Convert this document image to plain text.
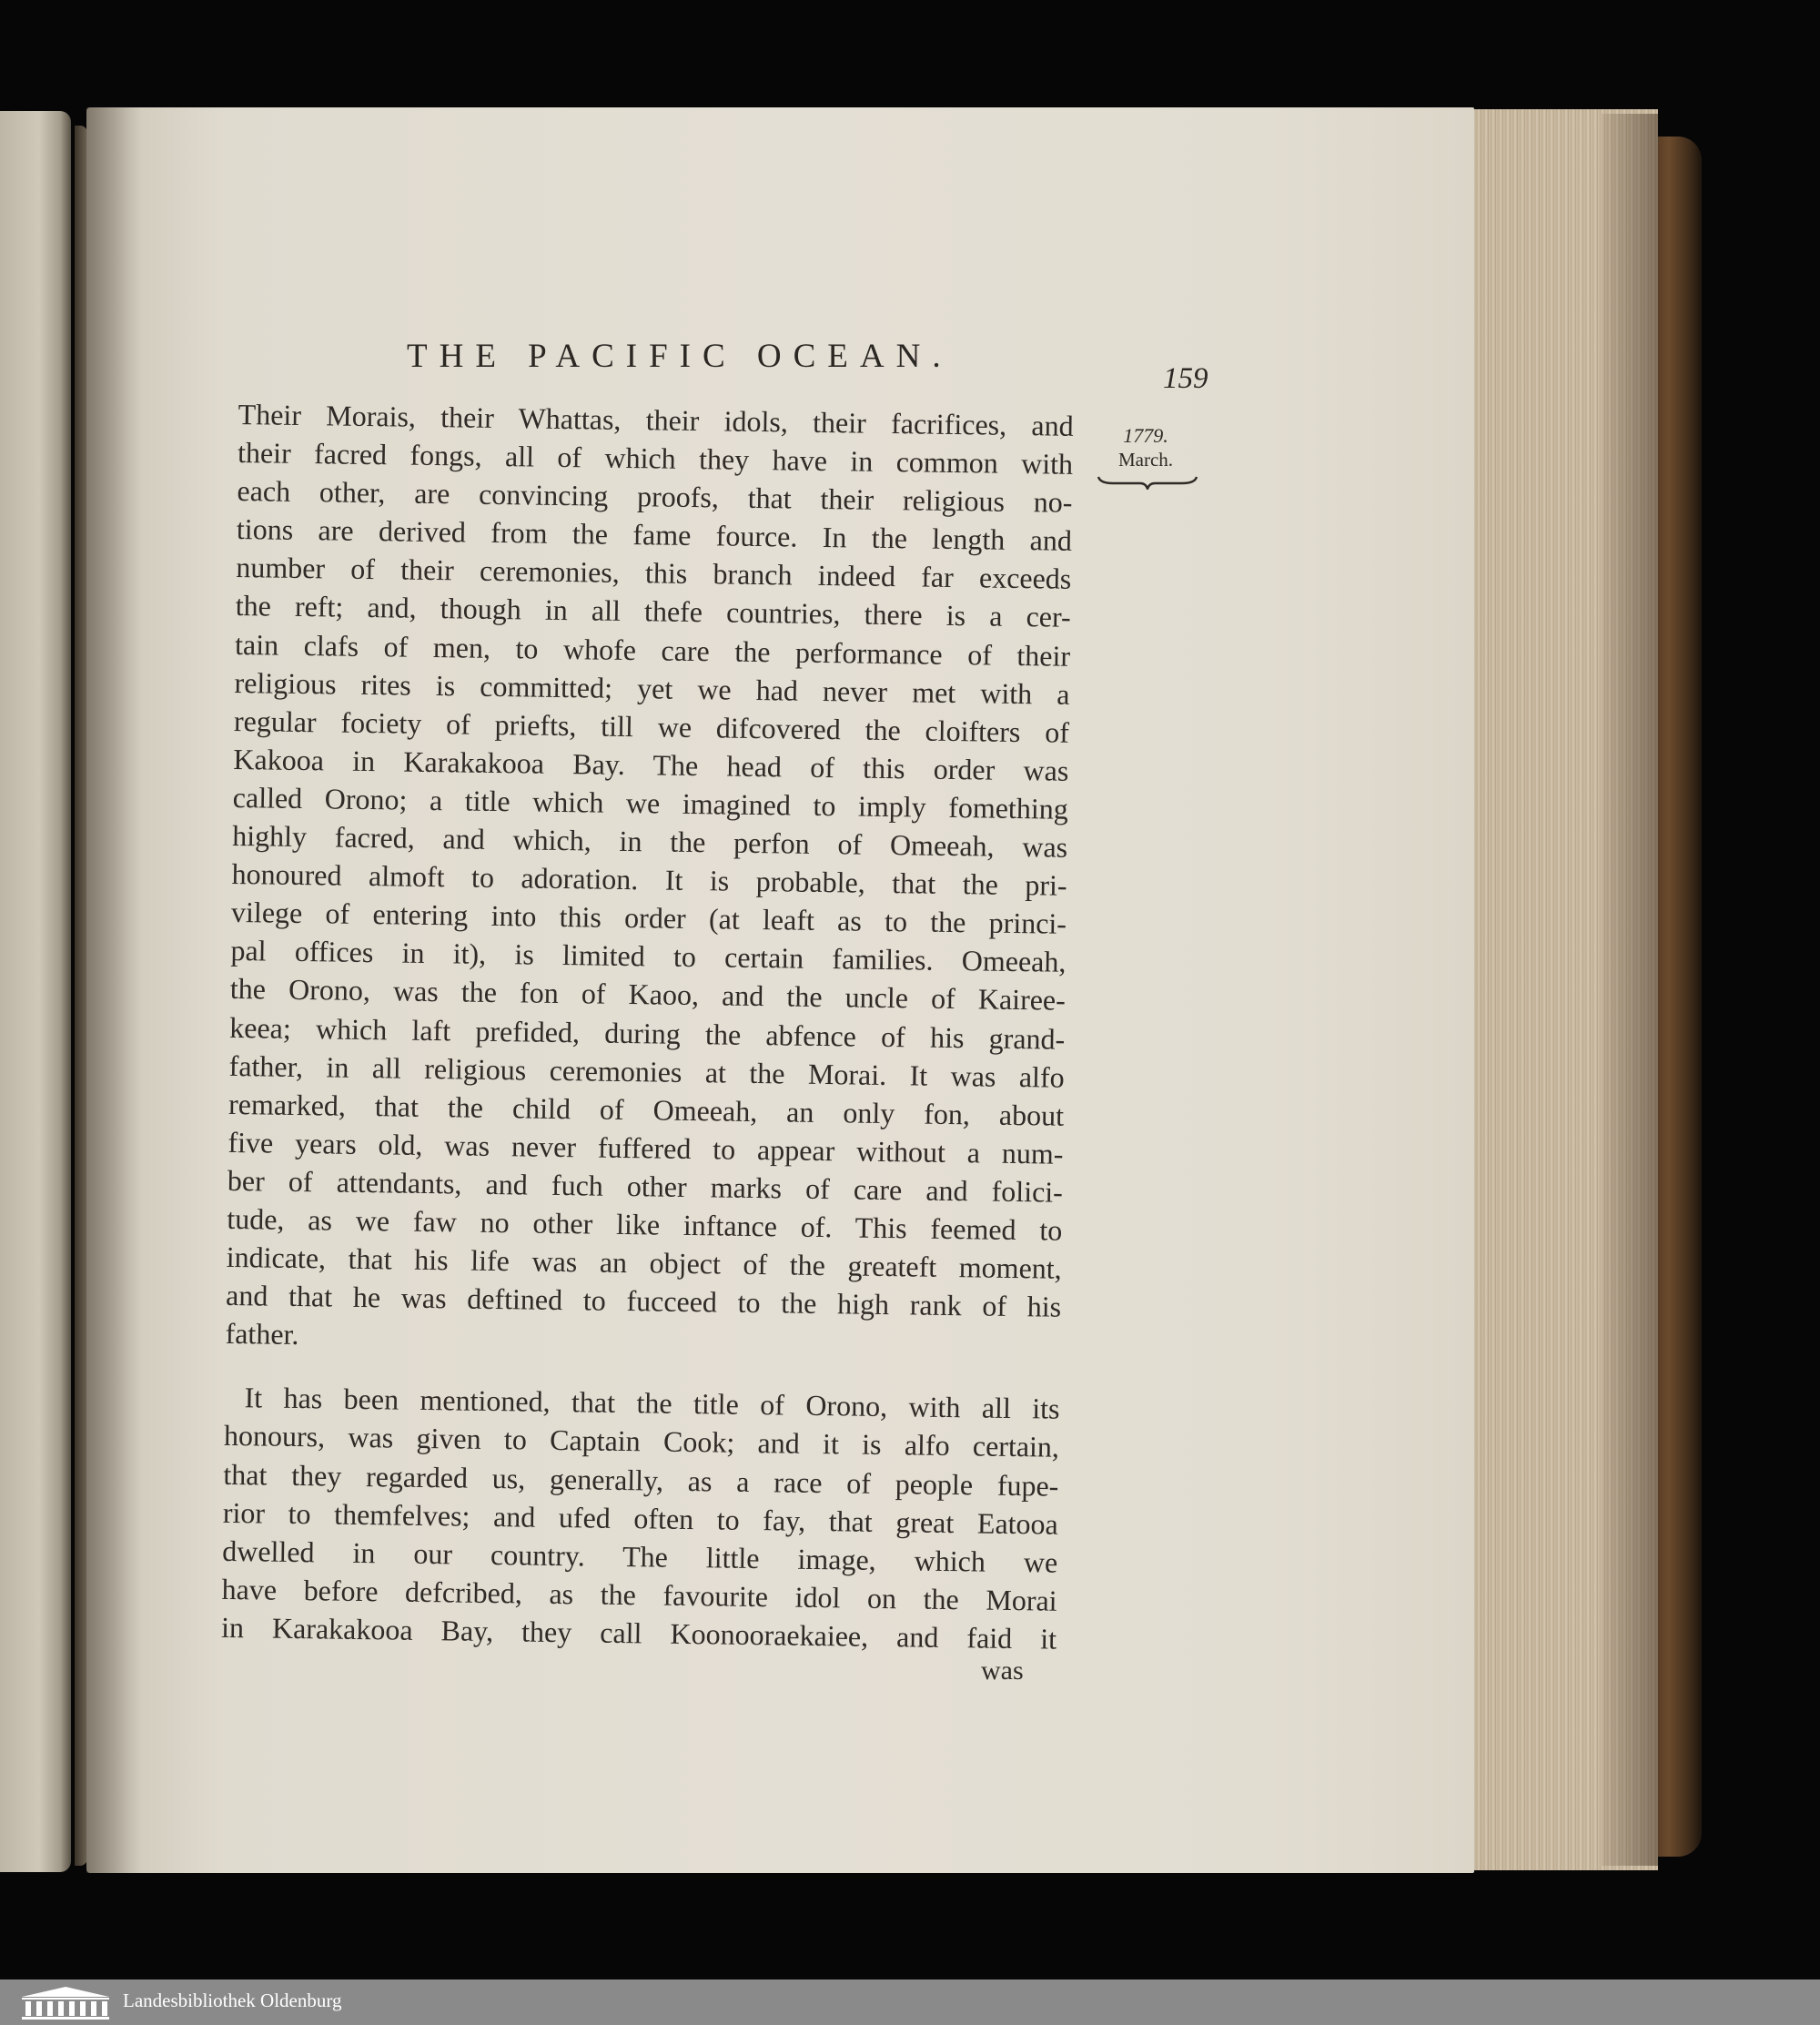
THE PACIFIC OCEAN.
159
1779.
March.
Their Morais, their Whattas, their idols, their facrifices, and
their facred fongs, all of which they have in common with
each other, are convincing proofs, that their religious no-
tions are derived from the fame fource. In the length and
number of their ceremonies, this branch indeed far exceeds
the reft; and, though in all thefe countries, there is a cer-
tain clafs of men, to whofe care the performance of their
religious rites is committed; yet we had never met with a
regular fociety of priefts, till we difcovered the cloifters of
Kakooa in Karakakooa Bay. The head of this order was
called Orono; a title which we imagined to imply fomething
highly facred, and which, in the perfon of Omeeah, was
honoured almoft to adoration. It is probable, that the pri-
vilege of entering into this order (at leaft as to the princi-
pal offices in it), is limited to certain families. Omeeah,
the Orono, was the fon of Kaoo, and the uncle of Kairee-
keea; which laft prefided, during the abfence of his grand-
father, in all religious ceremonies at the Morai. It was alfo
remarked, that the child of Omeeah, an only fon, about
five years old, was never fuffered to appear without a num-
ber of attendants, and fuch other marks of care and folici-
tude, as we faw no other like inftance of. This feemed to
indicate, that his life was an object of the greateft moment,
and that he was deftined to fucceed to the high rank of his
father.
It has been mentioned, that the title of Orono, with all its
honours, was given to Captain Cook; and it is alfo certain,
that they regarded us, generally, as a race of people fupe-
rior to themfelves; and ufed often to fay, that great Eatooa
dwelled in our country. The little image, which we
have before defcribed, as the favourite idol on the Morai
in Karakakooa Bay, they call Koonooraekaiee, and faid it
was
Landesbibliothek Oldenburg
